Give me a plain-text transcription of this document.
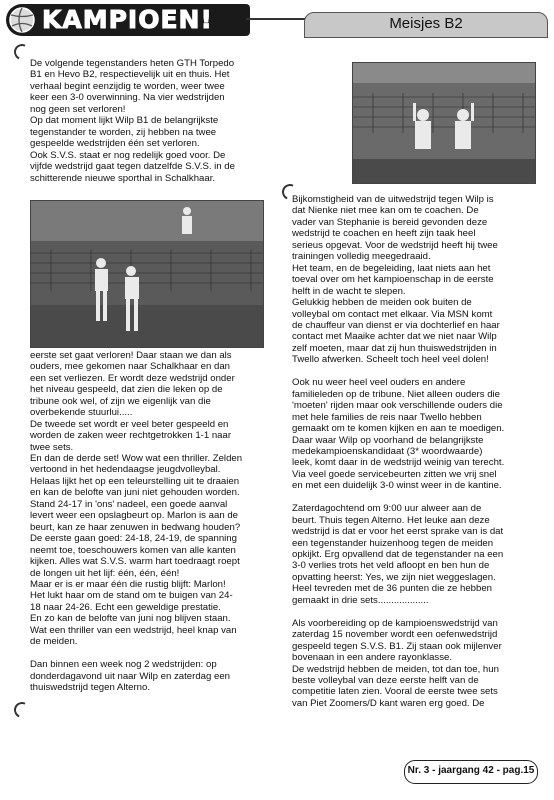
KAMPIOEN!	Meisjes B2

De volgende tegenstanders heten GTH Torpedo

B1 en Hevo B2, respectievelijk uit en thuis. Het

verhaal begint eenzijdig te worden, weer twee

keer een 3-0 overwinning. Na vier wedstrijden

nog geen set verloren!

Op dat moment lijkt Wilp B1 de belangrijkste

tegenstander te worden, zij hebben na twee

gespeelde wedstrijden één set verloren.

Ook S.V.S. staat er nog redelijk goed voor. De

vijfde wedstrijd gaat tegen datzelfde S.V.S. in de

schitterende nieuwe sporthal in Schalkhaar.

eerste set gaat verloren! Daar staan we dan als

ouders, mee gekomen naar Schalkhaar en dan

een set verliezen. Er wordt deze wedstrijd onder

het niveau gespeeld, dat zien die leken op de

tribune ook wel, of zijn we eigenlijk van die

overbekende stuurlui.....

De tweede set wordt er veel beter gespeeld en

worden de zaken weer rechtgetrokken 1-1 naar

twee sets.

En dan de derde set! Wow wat een thriller. Zelden

vertoond in het hedendaagse jeugdvolleybal.

Helaas lijkt het op een teleurstelling uit te draaien

en kan de belofte van juni niet gehouden worden.

Stand 24-17 in 'ons' nadeel, een goede aanval

levert weer een opslagbeurt op. Marlon is aan de

beurt, kan ze haar zenuwen in bedwang houden?

De eerste gaan goed: 24-18, 24-19, de spanning

neemt toe, toeschouwers komen van alle kanten

kijken. Alles wat S.V.S. warm hart toedraagt roept

de longen uit het lijf: één, één, één!

Maar er is er maar één die rustig blijft: Marlon!

Het lukt haar om de stand om te buigen van 24-

18 naar 24-26. Echt een geweldige prestatie.

En zo kan de belofte van juni nog blijven staan.

Wat een thriller van een wedstrijd, heel knap van

de meiden.

Dan binnen een week nog 2 wedstrijden: op

donderdagavond uit naar Wilp en zaterdag een

thuiswedstrijd tegen Alterno.

Bijkomstigheid van de uitwedstrijd tegen Wilp is

dat Nienke niet mee kan om te coachen. De

vader van Stephanie is bereid gevonden deze

wedstrijd te coachen en heeft zijn taak heel

serieus opgevat. Voor de wedstrijd heeft hij twee

trainingen volledig meegedraaid.

Het team, en de begeleiding, laat niets aan het

toeval over om het kampioenschap in de eerste

helft in de wacht te slepen.

Gelukkig hebben de meiden ook buiten de

volleybal om contact met elkaar. Via MSN komt

de chauffeur van dienst er via dochterlief en haar

contact met Maaike achter dat we niet naar Wilp

zelf moeten, maar dat zij hun thuiswedstrijden in

Twello afwerken. Scheelt toch heel veel dolen!

Ook nu weer heel veel ouders en andere

familieleden op de tribune. Niet alleen ouders die

'moeten' rijden maar ook verschillende ouders die

met hele families de reis naar Twello hebben

gemaakt om te komen kijken en aan te moedigen.

Daar waar Wilp op voorhand de belangrijkste

medekampioenskandidaat (3* woordwaarde)

leek, komt daar in de wedstrijd weinig van terecht.

Via veel goede servicebeurten zitten we vrij snel

en met een duidelijk 3-0 winst weer in de kantine.

Zaterdagochtend om 9:00 uur alweer aan de

beurt. Thuis tegen Alterno. Het leuke aan deze

wedstrijd is dat er voor het eerst sprake van is dat

een tegenstander huizenhoog tegen de meiden

opkijkt. Erg opvallend dat de tegenstander na een

3-0 verlies trots het veld afloopt en ben hun de

opvatting heerst: Yes, we zijn niet weggeslagen.

Heel tevreden met de 36 punten die ze hebben

gemaakt in drie sets...................

Als voorbereiding op de kampioenswedstrijd van

zaterdag 15 november wordt een oefenwedstrijd

gespeeld tegen S.V.S. B1. Zij staan ook mijlenver

bovenaan in een andere rayonklasse.

De wedstrijd hebben de meiden, tot dan toe, hun

beste volleybal van deze eerste helft van de

competitie laten zien. Vooral de eerste twee sets

van Piet Zoomers/D kant waren erg goed. De

Nr. 3 - jaargang 42 - pag.15
